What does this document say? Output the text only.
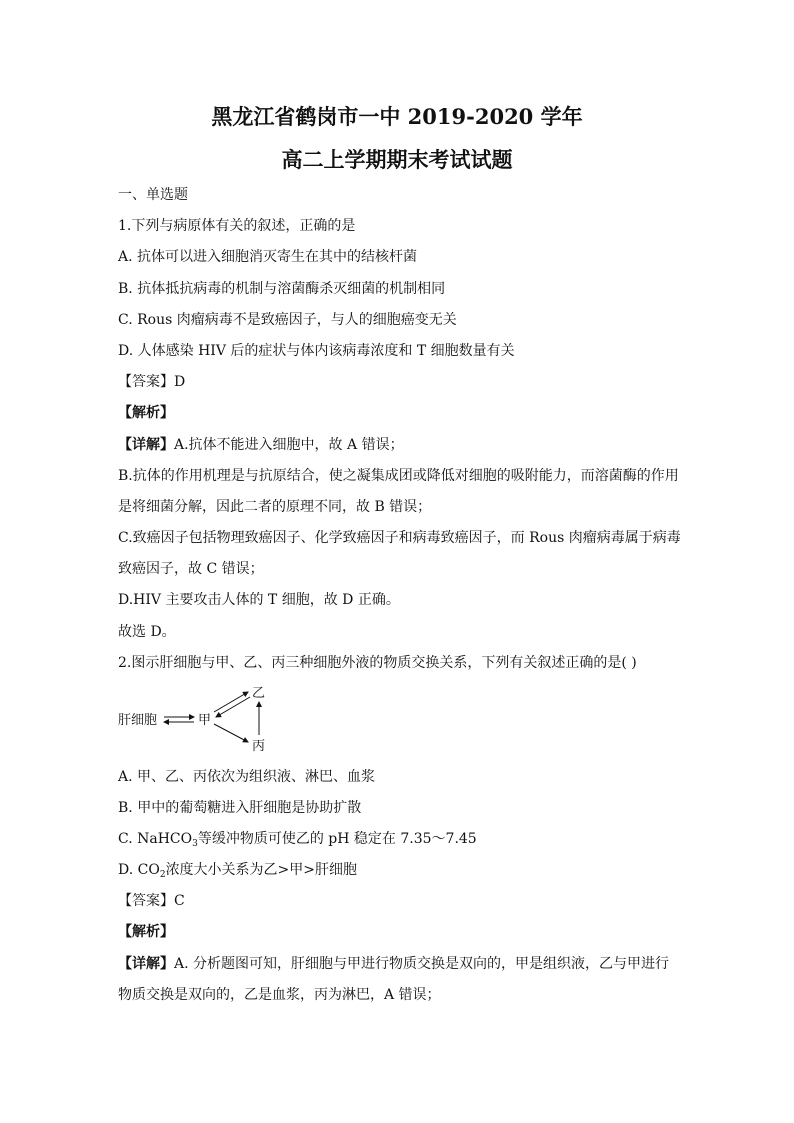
黑龙江省鹤岗市一中 2019-2020 学年
高二上学期期末考试试题
一、单选题
1.下列与病原体有关的叙述，正确的是
A. 抗体可以进入细胞消灭寄生在其中的结核杆菌
B. 抗体抵抗病毒的机制与溶菌酶杀灭细菌的机制相同
C. Rous 肉瘤病毒不是致癌因子，与人的细胞癌变无关
D. 人体感染 HIV 后的症状与体内该病毒浓度和 T 细胞数量有关
【答案】D
【解析】
【详解】A.抗体不能进入细胞中，故 A 错误；
B.抗体的作用机理是与抗原结合，使之凝集成团或降低对细胞的吸附能力，而溶菌酶的作用
是将细菌分解，因此二者的原理不同，故 B 错误；
C.致癌因子包括物理致癌因子、化学致癌因子和病毒致癌因子，而 Rous 肉瘤病毒属于病毒
致癌因子，故 C 错误；
D.HIV 主要攻击人体的 T 细胞，故 D 正确。
故选 D。
2.图示肝细胞与甲、乙、丙三种细胞外液的物质交换关系，下列有关叙述正确的是( )
肝细胞	甲
乙
丙
A. 甲、乙、丙依次为组织液、淋巴、血浆
B. 甲中的葡萄糖进入肝细胞是协助扩散
C. NaHCO$_3$等缓冲物质可使乙的 pH 稳定在 7.35～7.45
D. $CO_2$浓度大小关系为乙>甲>肝细胞
【答案】C
【解析】
【详解】A. 分析题图可知，肝细胞与甲进行物质交换是双向的，甲是组织液，乙与甲进行
物质交换是双向的，乙是血浆，丙为淋巴，A 错误；
